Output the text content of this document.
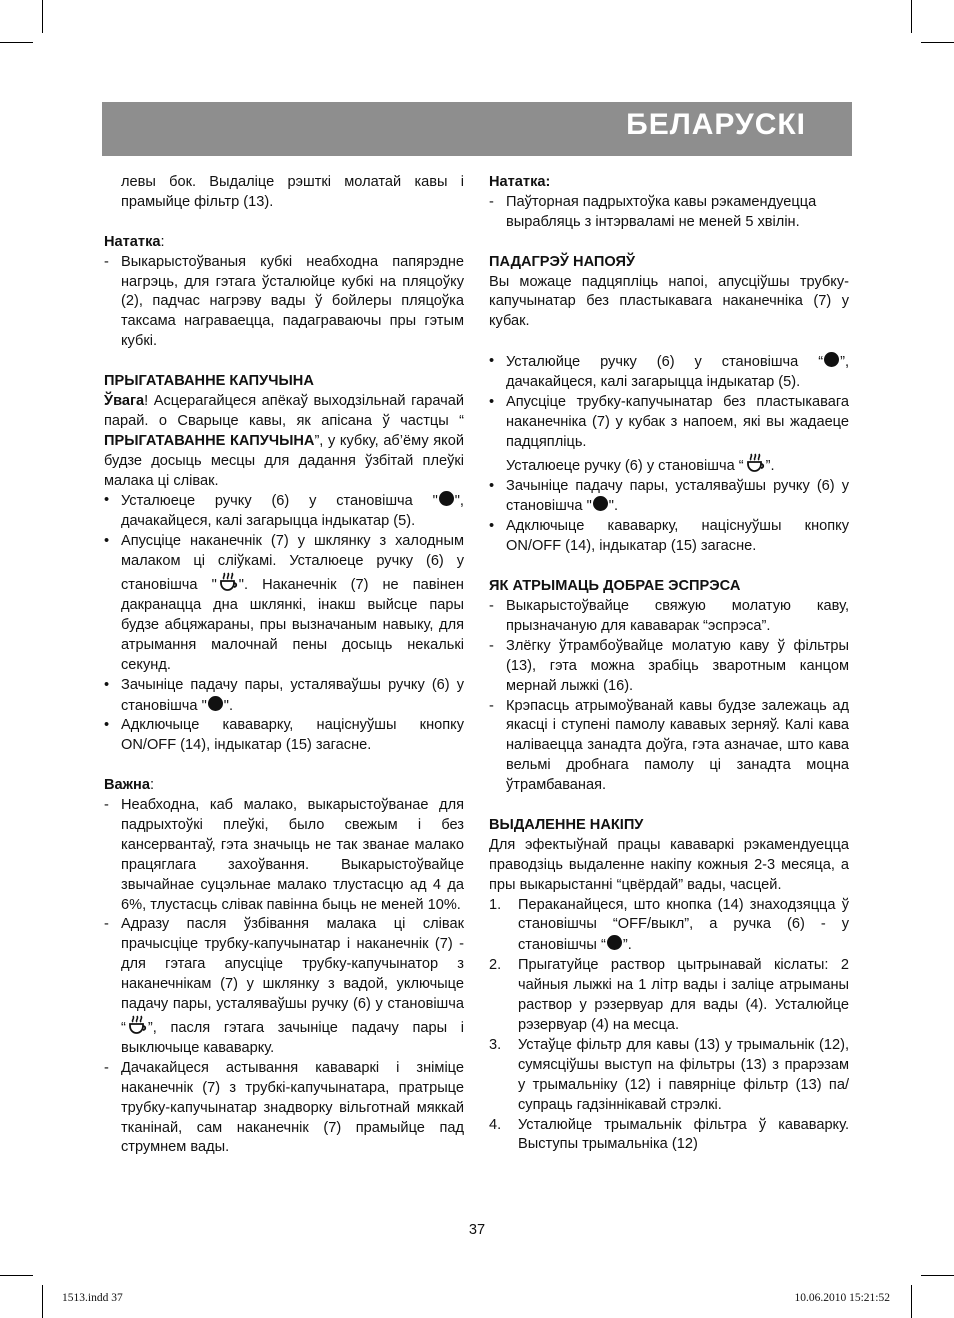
БЕЛАРУСКІ

левы бок. Выдаліце рэшткі молатай кавы і прамыйце фільтр (13).

Нататка:

- Выкарыстоўваныя кубкі неабходна папярэдне нагрэць, для гэтага ўсталюйце кубкі на пляцоўку (2), падчас нагрэву вады ў бойлеры пляцоўка таксама награваецца, падаграваючы пры гэтым кубкі.

ПРЫГАТАВАННЕ КАПУЧЫНА

Ўвага! Асцерагайцеся апёкаў выходзільнай гарачай парай. о Сварыце кавы, як апісана ў частцы “ ПРЫГАТАВАННЕ КАПУЧЫНА”, у кубку, аб’ёму якой будзе досыць месцы для дадання ўзбітай плеўкі малака ці слівак.

• Усталюеце ручку (6) у становішча " ", дачакайцеся, калі загарыцца індыкатар (5).

• Апусціце наканечнік (7) у шклянку з халодным малаком ці сліўкамі. Усталюеце ручку (6) у становішча " ". Наканечнік (7) не павінен дакранацца дна шклянкі, інакш выйсце пары будзе абцяжараны, пры вызначаным навыку, для атрымання малочнай пены досыць некалькі секунд.

• Зачыніце падачу пары, усталяваўшы ручку (6) у становішча " ".

• Адключыце кававарку, націснуўшы кнопку ON/OFF (14), індыкатар (15) загасне.

Важна:

- Неабходна, каб малако, выкарыстоўванае для падрыхтоўкі плеўкі, было свежым і без кансервантаў, гэта значыць не так званае малако працяглага захоўвання. Выкарыстоўвайце звычайнае суцэльнае малако тлустасцю ад 4 да 6%, тлустасць слівак павінна быць не меней 10%.

- Адразу пасля ўзбівання малака ці слівак прачысціце трубку-капучынатар і наканечнік (7) - для гэтага апусціце трубку-капучынатор з наканечнікам (7) у шклянку з вадой, уключыце падачу пары, усталяваўшы ручку (6) у становішча “ ”, пасля гэтага зачыніце падачу пары і выключыце кававарку.

- Дачакайцеся астывання кававаркі і зніміце наканечнік (7) з трубкі-капучынатара, пратрыце трубку-капучынатар знадворку вільготнай мяккай тканінай, сам наканечнік (7) прамыйце пад струмнем вады.

Нататка:

- Паўторная падрыхтоўка кавы рэкамендуецца вырабляць з інтэрваламі не меней 5 хвілін.

ПАДАГРЭЎ НАПОЯЎ

Вы можаце падцяпліць напоі, апусціўшы трубку-капучынатар без пластыкавага наканечніка (7) у кубак.

• Усталюйце ручку (6) у становішча “ ”, дачакайцеся, калі загарыцца індыкатар (5).

• Апусціце трубку-капучынатар без пластыкавага наканечніка (7) у кубак з напоем, які вы жадаеце падцяпліць.

Усталюеце ручку (6) у становішча “ ”.

• Зачыніце падачу пары, усталяваўшы ручку (6) у становішча " ".

• Адключыце кававарку, націснуўшы кнопку ON/OFF (14), індыкатар (15) загасне.

ЯК АТРЫМАЦЬ ДОБРАЕ ЭСПРЭСА

- Выкарыстоўвайце свяжую молатую каву, прызначаную для кававарак “эспрэса”.

- Злёгку ўтрамбоўвайце молатую каву ў фільтры (13), гэта можна зрабіць зваротным канцом мернай лыжкі (16).

- Крэпасць атрымоўванай кавы будзе залежаць ад якасці і ступені памолу кававых зерняў. Калі кава наліваецца занадта доўга, гэта азначае, што кава вельмі дробнага памолу ці занадта моцна ўтрамбаваная.

ВЫДАЛЕННЕ НАКІПУ

Для эфектыўнай працы кававаркі рэкамендуецца праводзіць выдаленне накіпу кожныя 2-3 месяца, а пры выкарыстанні “цвёрдай” вады, часцей.

1. Пераканайцеся, што кнопка (14) знаходзяцца ў становішчы “OFF/выкл”, а ручка (6) - у становішчы “ ”.

2. Прыгатуйце раствор цытрынавай кіслаты: 2 чайныя лыжкі на 1 літр вады і заліце атрыманы раствор у рэзервуар для вады (4). Усталюйце рэзервуар (4) на месца.

3. Устаўце фільтр для кавы (13) у трымальнік (12), сумясціўшы выступ на фільтры (13) з прарэзам у трымальніку (12) і павярніце фільтр (13) па/супраць гадзіннікавай стрэлкі.

4. Усталюйце трымальнік фільтра ў кававарку. Выступы трымальніка (12)

37
1513.indd 37	10.06.2010 15:21:52
